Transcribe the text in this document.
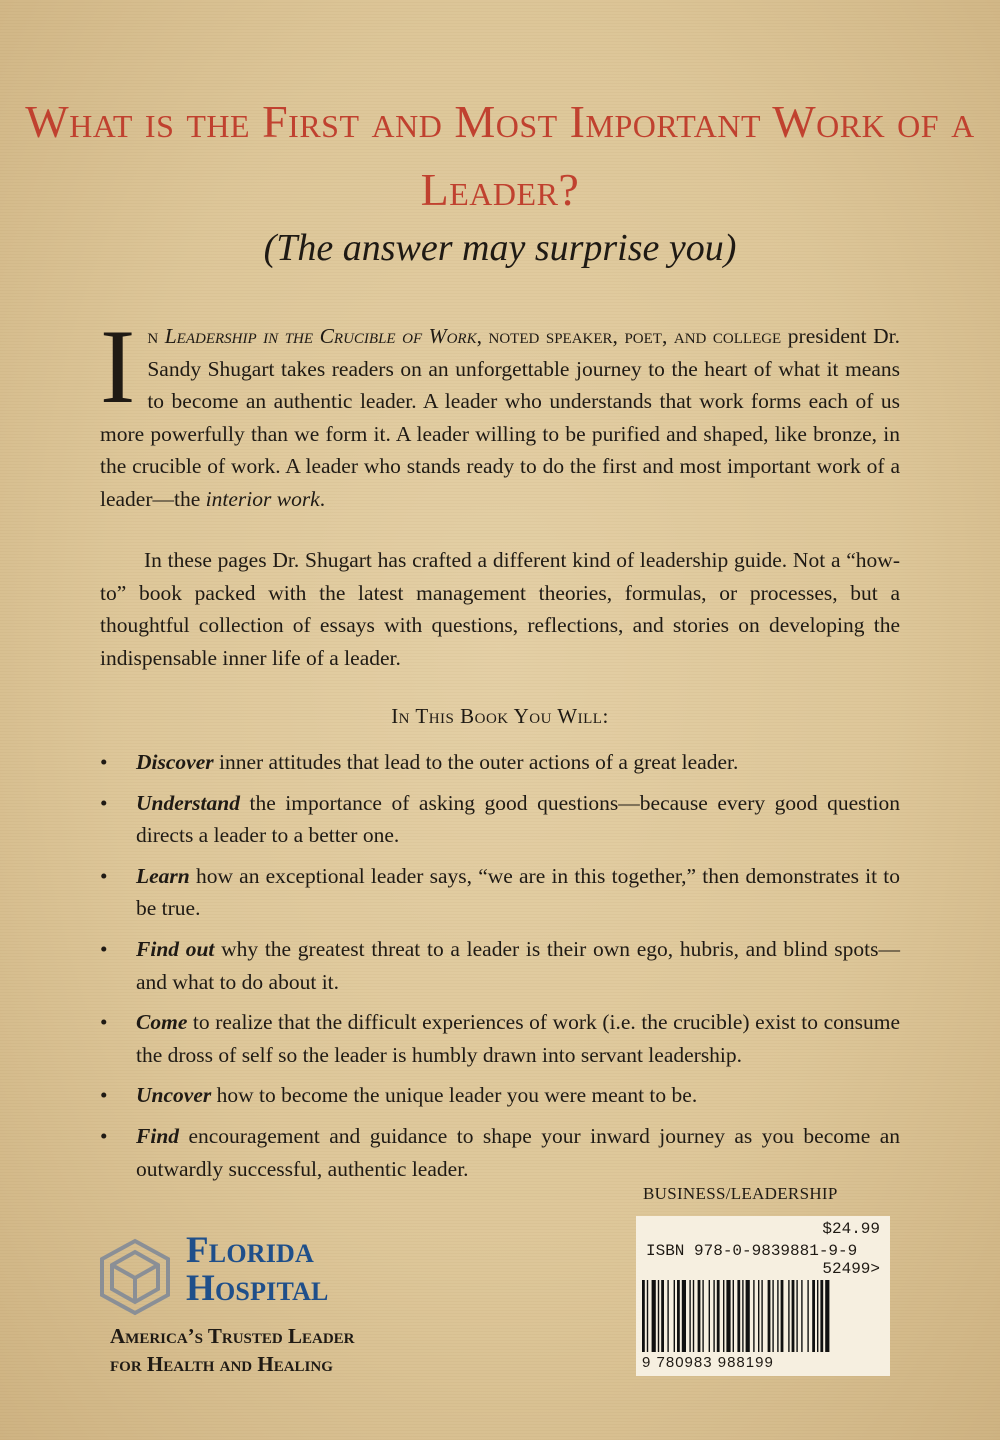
What is the First and Most Important Work of a Leader?

(The answer may surprise you)

In Leadership in the Crucible of Work, noted speaker, poet, and college president Dr. Sandy Shugart takes readers on an unforgettable journey to the heart of what it means to become an authentic leader. A leader who understands that work forms each of us more powerfully than we form it. A leader willing to be purified and shaped, like bronze, in the crucible of work. A leader who stands ready to do the first and most important work of a leader—the interior work.

In these pages Dr. Shugart has crafted a different kind of leadership guide. Not a “how-to” book packed with the latest management theories, formulas, or processes, but a thoughtful collection of essays with questions, reflections, and stories on developing the indispensable inner life of a leader.

In This Book You Will:

• Discover inner attitudes that lead to the outer actions of a great leader.
• Understand the importance of asking good questions—because every good question directs a leader to a better one.
• Learn how an exceptional leader says, “we are in this together,” then demonstrates it to be true.
• Find out why the greatest threat to a leader is their own ego, hubris, and blind spots—and what to do about it.
• Come to realize that the difficult experiences of work (i.e. the crucible) exist to consume the dross of self so the leader is humbly drawn into servant leadership.
• Uncover how to become the unique leader you were meant to be.
• Find encouragement and guidance to shape your inward journey as you become an outwardly successful, authentic leader.
BUSINESS/LEADERSHIP
$24.99
ISBN 978-0-9839881-9-9
52499>
9 780983 988199
Florida
Hospital
America’s Trusted Leader
for Health and Healing
